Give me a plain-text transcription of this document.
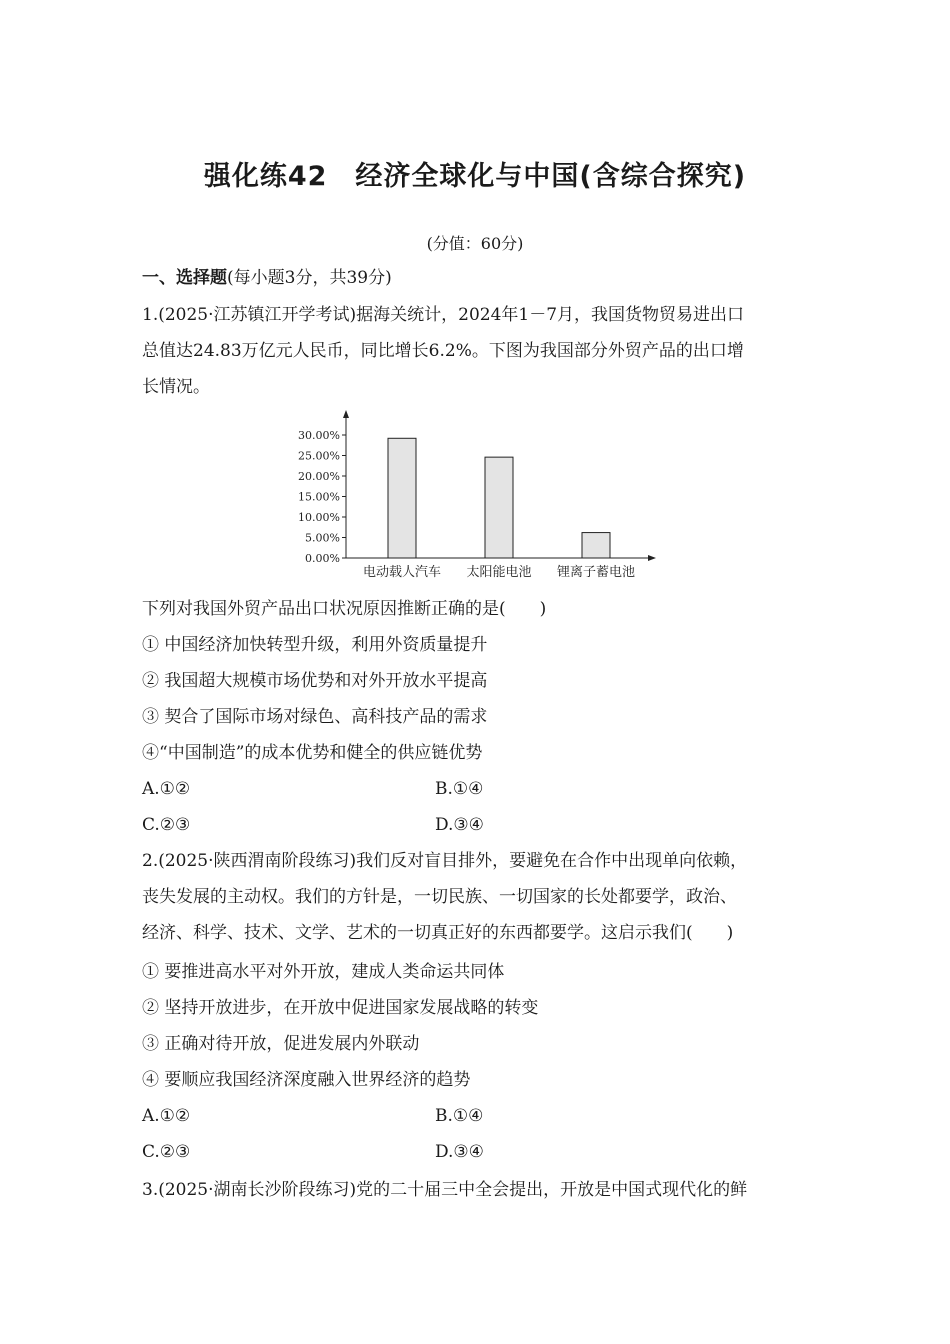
强化练42　经济全球化与中国(含综合探究)
(分值：60分)
一、选择题(每小题3分，共39分)
1.(2025·江苏镇江开学考试)据海关统计，2024年1－7月，我国货物贸易进出口
总值达24.83万亿元人民币，同比增长6.2%。下图为我国部分外贸产品的出口增
长情况。
0.00%
5.00%
10.00%
15.00%
20.00%
25.00%
30.00%
电动载人汽车 太阳能电池 锂离子蓄电池
下列对我国外贸产品出口状况原因推断正确的是(　　)
① 中国经济加快转型升级，利用外资质量提升
② 我国超大规模市场优势和对外开放水平提高
③ 契合了国际市场对绿色、高科技产品的需求
④“中国制造”的成本优势和健全的供应链优势
A.①②	B.①④
C.②③	D.③④
2.(2025·陕西渭南阶段练习)我们反对盲目排外，要避免在合作中出现单向依赖，
丧失发展的主动权。我们的方针是，一切民族、一切国家的长处都要学，政治、
经济、科学、技术、文学、艺术的一切真正好的东西都要学。这启示我们(　　)
① 要推进高水平对外开放，建成人类命运共同体
② 坚持开放进步，在开放中促进国家发展战略的转变
③ 正确对待开放，促进发展内外联动
④ 要顺应我国经济深度融入世界经济的趋势
A.①②	B.①④
C.②③	D.③④
3.(2025·湖南长沙阶段练习)党的二十届三中全会提出，开放是中国式现代化的鲜
